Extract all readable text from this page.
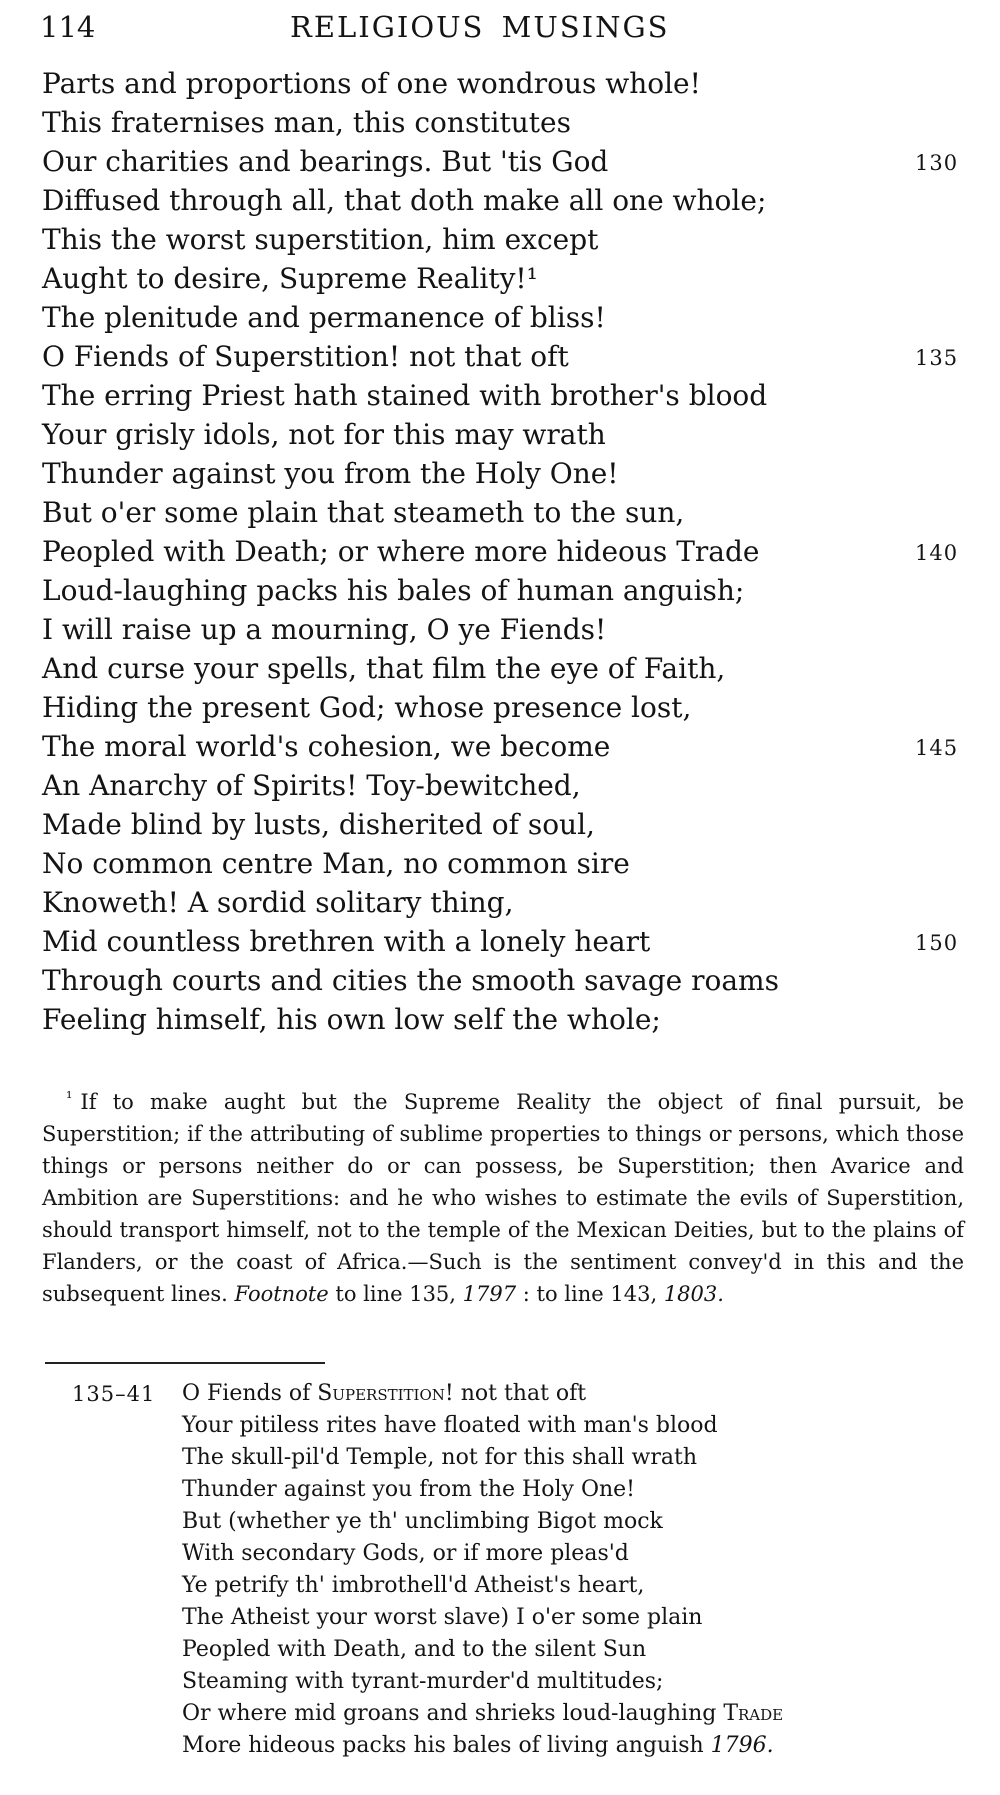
114	RELIGIOUS MUSINGS
Parts and proportions of one wondrous whole!
This fraternises man, this constitutes
Our charities and bearings. But 'tis God	130
Diffused through all, that doth make all one whole;
This the worst superstition, him except
Aught to desire, Supreme Reality!¹
The plenitude and permanence of bliss!
O Fiends of Superstition! not that oft	135
The erring Priest hath stained with brother's blood
Your grisly idols, not for this may wrath
Thunder against you from the Holy One!
But o'er some plain that steameth to the sun,
Peopled with Death; or where more hideous Trade	140
Loud-laughing packs his bales of human anguish;
I will raise up a mourning, O ye Fiends!
And curse your spells, that film the eye of Faith,
Hiding the present God; whose presence lost,
The moral world's cohesion, we become	145
An Anarchy of Spirits! Toy-bewitched,
Made blind by lusts, disherited of soul,
No common centre Man, no common sire
Knoweth! A sordid solitary thing,
Mid countless brethren with a lonely heart	150
Through courts and cities the smooth savage roams
Feeling himself, his own low self the whole;
$^{^1}$ If to make aught but the Supreme Reality the object of final pursuit, be Superstition; if the attributing of sublime properties to things or persons, which those things or persons neither do or can possess, be Superstition; then Avarice and Ambition are Superstitions: and he who wishes to estimate the evils of Superstition, should transport himself, not to the temple of the Mexican Deities, but to the plains of Flanders, or the coast of Africa.—Such is the sentiment convey'd in this and the subsequent lines. Footnote to line 135, 1797 : to line 143, 1803.
135–41 O Fiends of Superstition! not that oft
Your pitiless rites have floated with man's blood
The skull-pil'd Temple, not for this shall wrath
Thunder against you from the Holy One!
But (whether ye th' unclimbing Bigot mock
With secondary Gods, or if more pleas'd
Ye petrify th' imbrothell'd Atheist's heart,
The Atheist your worst slave) I o'er some plain
Peopled with Death, and to the silent Sun
Steaming with tyrant-murder'd multitudes;
Or where mid groans and shrieks loud-laughing Trade
More hideous packs his bales of living anguish 1796.
